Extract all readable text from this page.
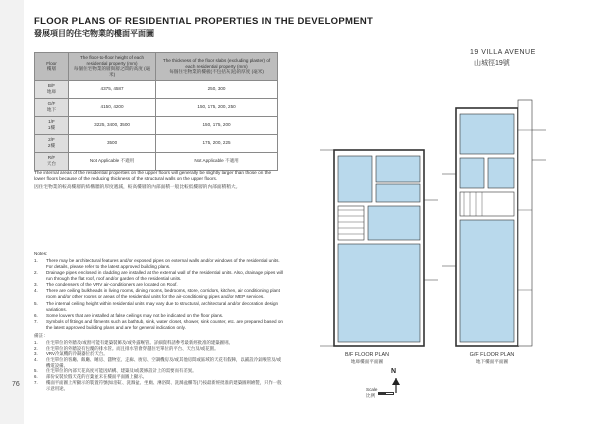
76
FLOOR PLANS OF RESIDENTIAL PROPERTIES IN THE DEVELOPMENT
發展項目的住宅物業的樓面平面圖
Floor
樓層	The floor-to-floor height of each residential property (mm)
每個住宅物業的層與層之間的高度 (毫米)	The thickness of the floor slabs (excluding plaster) of each residential property (mm)
每個住宅物業的樓板(不包括灰泥)的厚度 (毫米)

B/F
地庫	4375, 4587	250, 300

G/F
地下	4150, 4200	150, 175, 200, 250

1/F
1樓	3225, 3400, 3500	150, 175, 200

2/F
2樓	3500	175, 200, 225

R/F
天台	Not Applicable 不適用	Not Applicable 不適用
The internal areas of the residential properties on the upper floors will generally be slightly larger than those on the lower floors because of the reducing thickness of the structural walls on the upper floors.
因住宅物業的較高樓層的結構牆的厚度遞減，較高樓層的內部面積一般比較低樓層的內部面積稍大。
Notes:
1.	There may be architectural features and/or exposed pipes on external walls and/or windows of the residential units. For details, please refer to the latest approved building plans.
2.	Drainage pipes enclosed in cladding are installed at the external wall of the residential units. Also, drainage pipes will run through the flat roof, roof and/or garden of the residential units.
3.	The condensers of the VRV air-conditioners are located on Roof.
4.	There are ceiling bulkheads in living rooms, dining rooms, bedrooms, store, corridors, kitchen, air conditioning plant room and/or other rooms or areas of the residential units for the air-conditioning pipes and/or MEP services.
5.	The internal ceiling height within residential units may vary due to structural, architectural and/or decoration design variations.
6.	Some louvers that are installed at false ceilings may not be indicated on the floor plans.
7.	Symbols of fittings and fitments such as bathtub, sink, water closet, shower, sink counter, etc. are prepared based on the latest approved building plans and are for general indication only.
備註：
1.	住宅單位的外牆及/或窗可能有建築裝飾及/或外露喉管。詳細資料請參考最新經批准的建築圖則。
2.	住宅單位的外牆設有包覆的排水管。而且排水管會穿越住宅單位的平台、天台及/或花園。
3.	VRV冷氣機的冷凝器位於天台。
4.	住宅單位的客廳、飯廳、睡房、儲物室、走廊、廚房、空調機房及/或其他房間或區域的天花有假陣，以鋪設冷氣喉管及/或機電設備。
5.	住宅單位的內部天花高度可能因結構、建築及/或裝修設計上的需要而有差異。
6.	部份安裝於假天花的百葉並未在樓面平面圖上顯示。
7.	樓面平面圖上所顯示的裝置符號(如浴缸、洗滌盆、坐廁、淋浴間、洗滌盆櫃等)乃按最新經批准的建築圖則繪製，只作一般示意用途。
19 VILLA AVENUE
山城徑19號
B/F FLOOR PLAN
地庫樓面平面圖
G/F FLOOR PLAN
地下樓面平面圖
Scale
比例
N
